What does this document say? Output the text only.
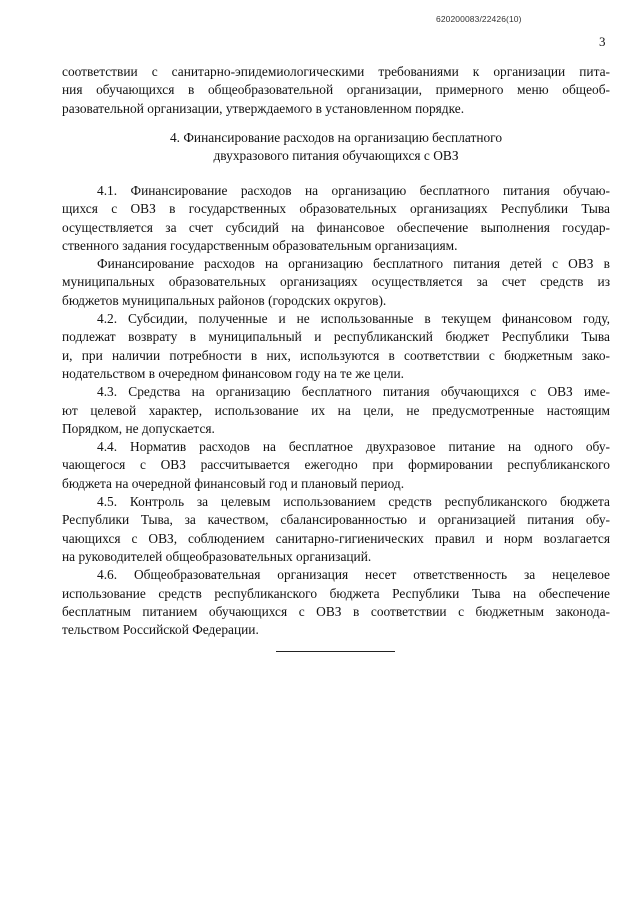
620200083/22426(10)
3

соответствии с санитарно-эпидемиологическими требованиями к организации пита-

ния обучающихся в общеобразовательной организации, примерного меню общеоб-

разовательной организации, утверждаемого в установленном порядке.

4. Финансирование расходов на организацию бесплатного
двухразового питания обучающихся с ОВЗ

4.1. Финансирование расходов на организацию бесплатного питания обучаю-

щихся с ОВЗ в государственных образовательных организациях Республики Тыва

осуществляется за счет субсидий на финансовое обеспечение выполнения государ-

ственного задания государственным образовательным организациям.

Финансирование расходов на организацию бесплатного питания детей с ОВЗ в

муниципальных образовательных организациях осуществляется за счет средств из

бюджетов муниципальных районов (городских округов).

4.2. Субсидии, полученные и не использованные в текущем финансовом году,

подлежат возврату в муниципальный и республиканский бюджет Республики Тыва

и, при наличии потребности в них, используются в соответствии с бюджетным зако-

нодательством в очередном финансовом году на те же цели.

4.3. Средства на организацию бесплатного питания обучающихся с ОВЗ име-

ют целевой характер, использование их на цели, не предусмотренные настоящим

Порядком, не допускается.

4.4. Норматив расходов на бесплатное двухразовое питание на одного обу-

чающегося с ОВЗ рассчитывается ежегодно при формировании республиканского

бюджета на очередной финансовый год и плановый период.

4.5. Контроль за целевым использованием средств республиканского бюджета

Республики Тыва, за качеством, сбалансированностью и организацией питания обу-

чающихся с ОВЗ, соблюдением санитарно-гигиенических правил и норм возлагается

на руководителей общеобразовательных организаций.

4.6. Общеобразовательная организация несет ответственность за нецелевое

использование средств республиканского бюджета Республики Тыва на обеспечение

бесплатным питанием обучающихся с ОВЗ в соответствии с бюджетным законода-

тельством Российской Федерации.
